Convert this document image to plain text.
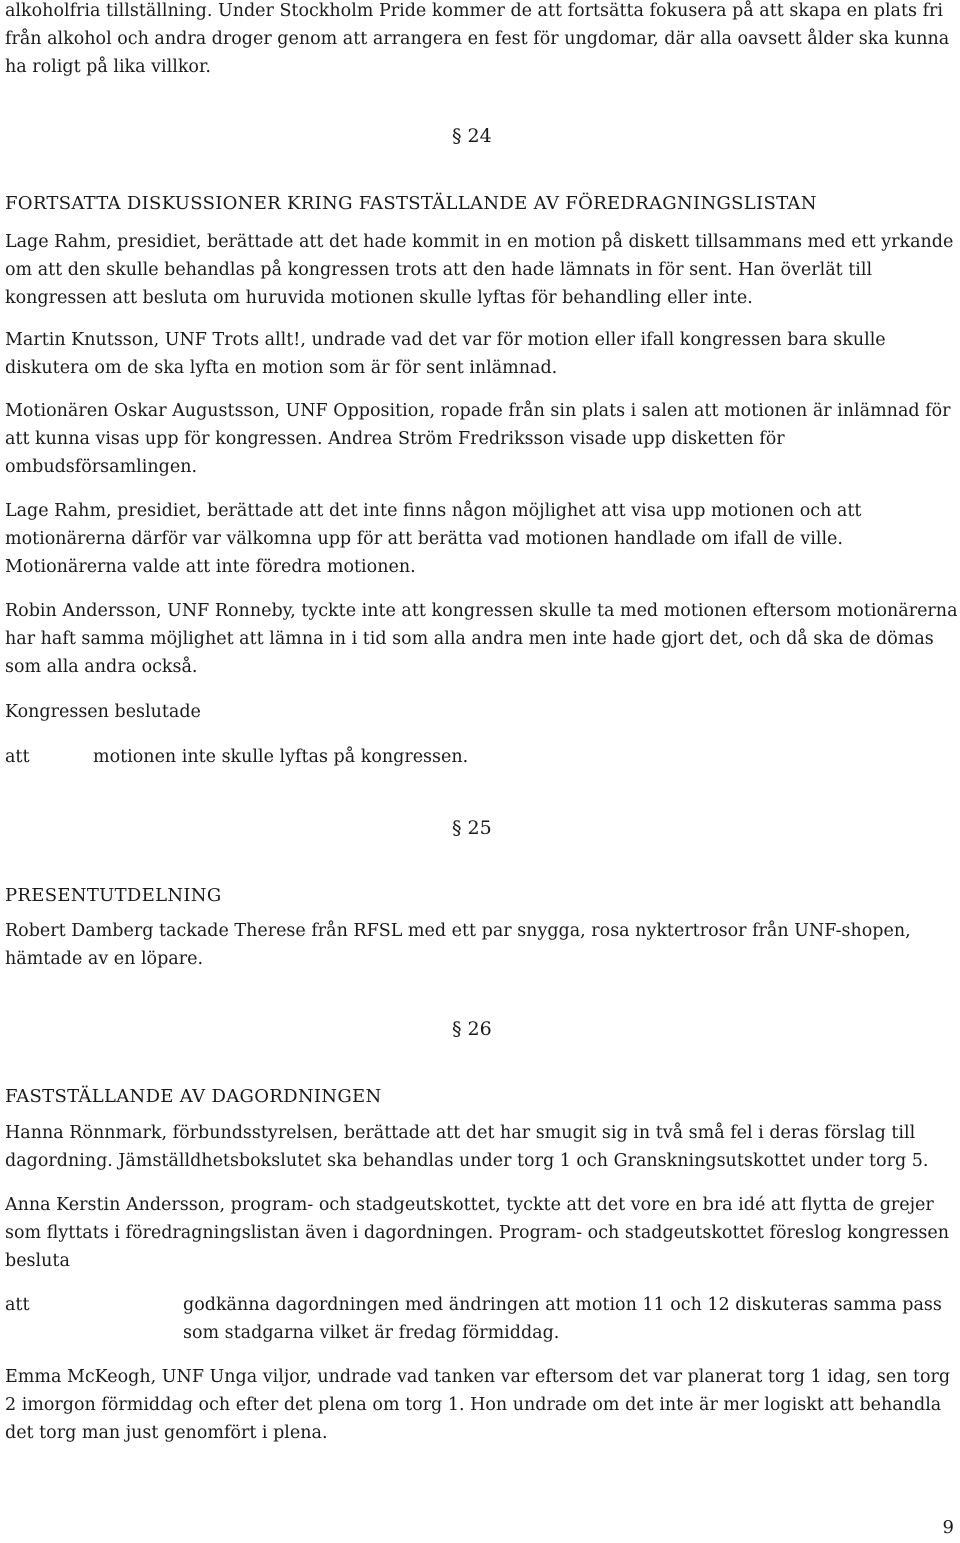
alkoholfria tillställning. Under Stockholm Pride kommer de att fortsätta fokusera på att skapa en plats fri från alkohol och andra droger genom att arrangera en fest för ungdomar, där alla oavsett ålder ska kunna ha roligt på lika villkor.

§ 24

FORTSATTA DISKUSSIONER KRING FASTSTÄLLANDE AV FÖREDRAGNINGSLISTAN

Lage Rahm, presidiet, berättade att det hade kommit in en motion på diskett tillsammans med ett yrkande om att den skulle behandlas på kongressen trots att den hade lämnats in för sent. Han överlät till kongressen att besluta om huruvida motionen skulle lyftas för behandling eller inte.

Martin Knutsson, UNF Trots allt!, undrade vad det var för motion eller ifall kongressen bara skulle diskutera om de ska lyfta en motion som är för sent inlämnad.

Motionären Oskar Augustsson, UNF Opposition, ropade från sin plats i salen att motionen är inlämnad för att kunna visas upp för kongressen. Andrea Ström Fredriksson visade upp disketten för ombudsförsamlingen.

Lage Rahm, presidiet, berättade att det inte finns någon möjlighet att visa upp motionen och att motionärerna därför var välkomna upp för att berätta vad motionen handlade om ifall de ville. Motionärerna valde att inte föredra motionen.

Robin Andersson, UNF Ronneby, tyckte inte att kongressen skulle ta med motionen eftersom motionärerna har haft samma möjlighet att lämna in i tid som alla andra men inte hade gjort det, och då ska de dömas som alla andra också.

Kongressen beslutade

att	motionen inte skulle lyftas på kongressen.

§ 25

PRESENTUTDELNING

Robert Damberg tackade Therese från RFSL med ett par snygga, rosa nyktertrosor från UNF-shopen, hämtade av en löpare.

§ 26

FASTSTÄLLANDE AV DAGORDNINGEN

Hanna Rönnmark, förbundsstyrelsen, berättade att det har smugit sig in två små fel i deras förslag till dagordning. Jämställdhetsbokslutet ska behandlas under torg 1 och Granskningsutskottet under torg 5.

Anna Kerstin Andersson, program- och stadgeutskottet, tyckte att det vore en bra idé att flytta de grejer som flyttats i föredragningslistan även i dagordningen. Program- och stadgeutskottet föreslog kongressen besluta

att	godkänna dagordningen med ändringen att motion 11 och 12 diskuteras samma pass som stadgarna vilket är fredag förmiddag.

Emma McKeogh, UNF Unga viljor, undrade vad tanken var eftersom det var planerat torg 1 idag, sen torg 2 imorgon förmiddag och efter det plena om torg 1. Hon undrade om det inte är mer logiskt att behandla det torg man just genomfört i plena.

9
